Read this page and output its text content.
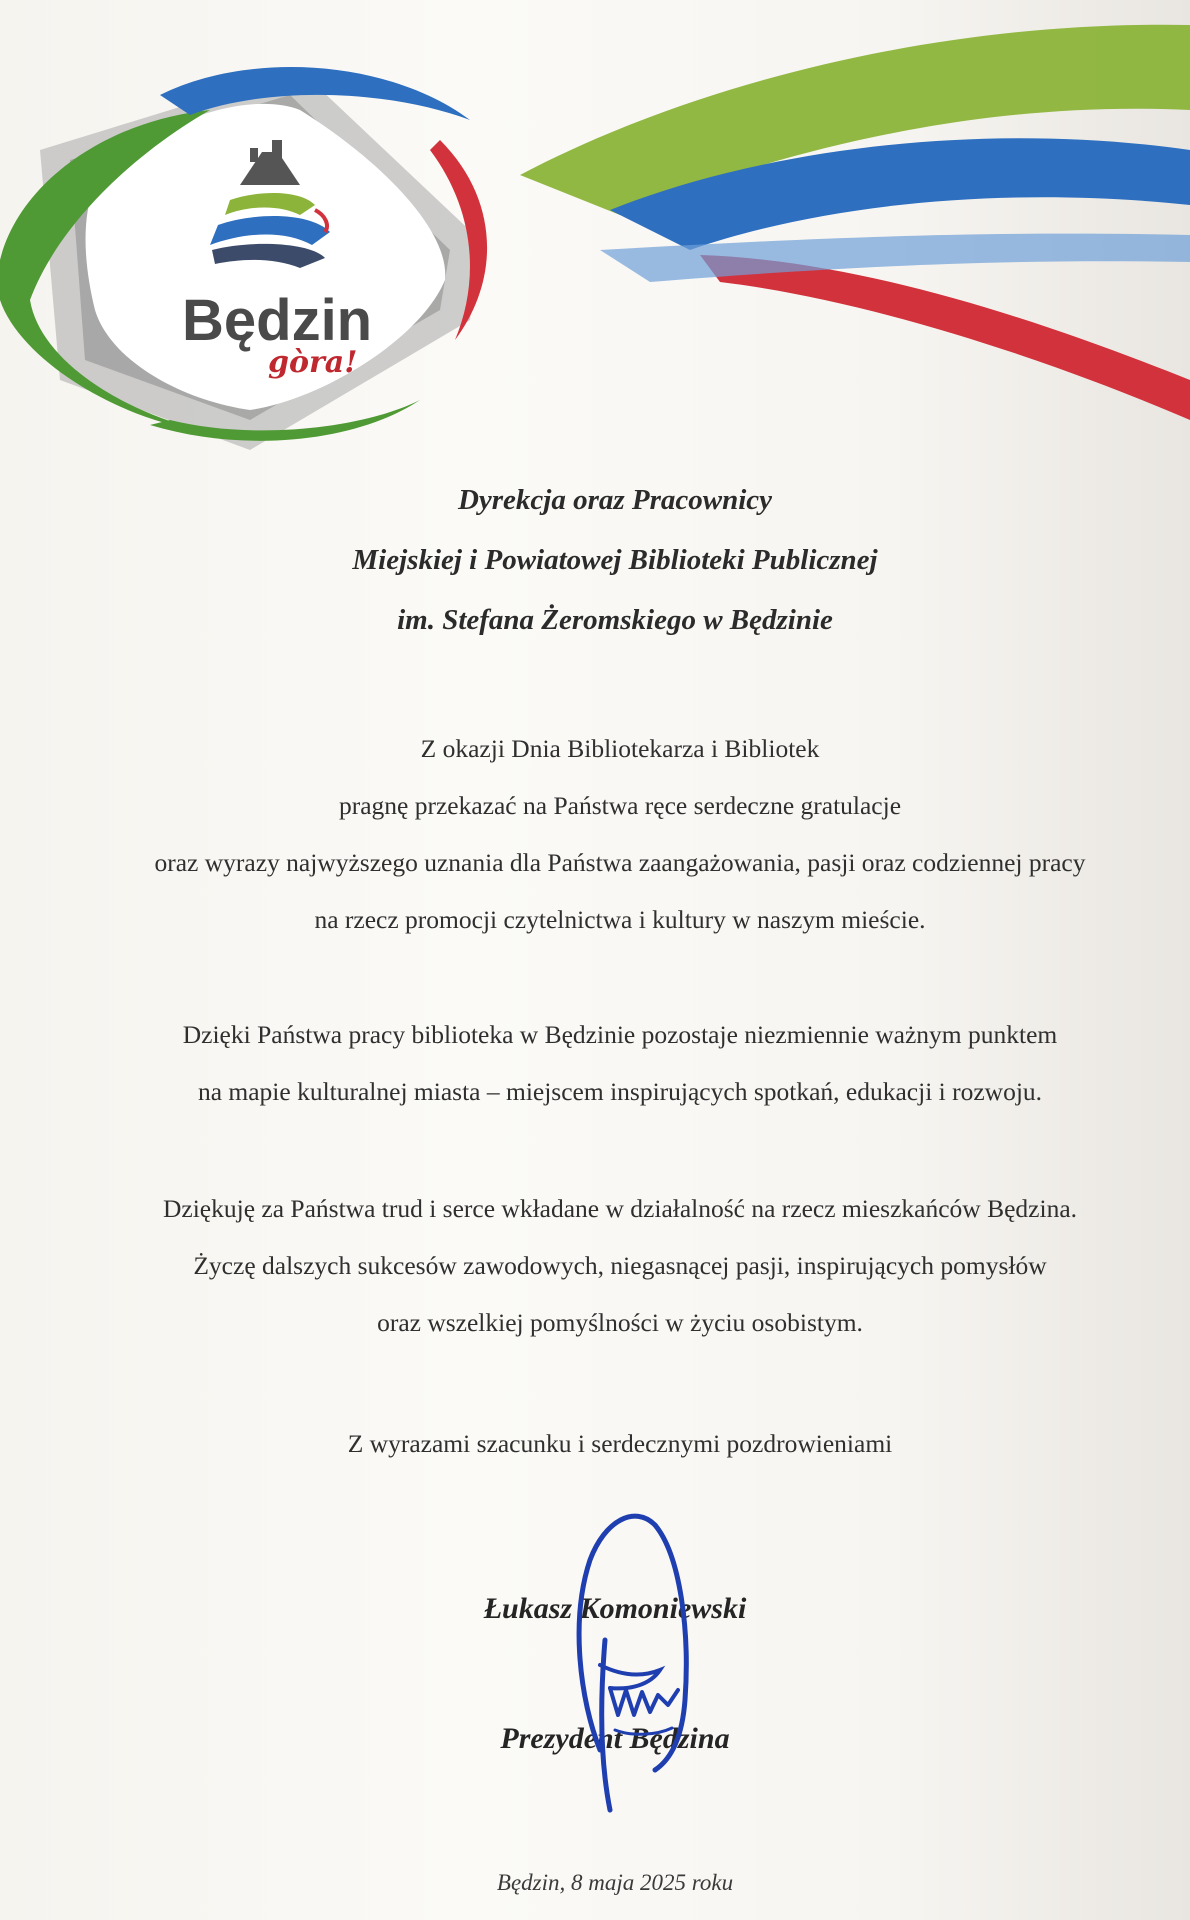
Będzin
gòra!
Dyrekcja oraz Pracownicy
Miejskiej i Powiatowej Biblioteki Publicznej
im. Stefana Żeromskiego w Będzinie
Z okazji Dnia Bibliotekarza i Bibliotek
pragnę przekazać na Państwa ręce serdeczne gratulacje
oraz wyrazy najwyższego uznania dla Państwa zaangażowania, pasji oraz codziennej pracy
na rzecz promocji czytelnictwa i kultury w naszym mieście.
Dzięki Państwa pracy biblioteka w Będzinie pozostaje niezmiennie ważnym punktem
na mapie kulturalnej miasta – miejscem inspirujących spotkań, edukacji i rozwoju.
Dziękuję za Państwa trud i serce wkładane w działalność na rzecz mieszkańców Będzina.
Życzę dalszych sukcesów zawodowych, niegasnącej pasji, inspirujących pomysłów
oraz wszelkiej pomyślności w życiu osobistym.
Z wyrazami szacunku i serdecznymi pozdrowieniami
Łukasz Komoniewski
Prezydent Będzina
Będzin, 8 maja 2025 roku
